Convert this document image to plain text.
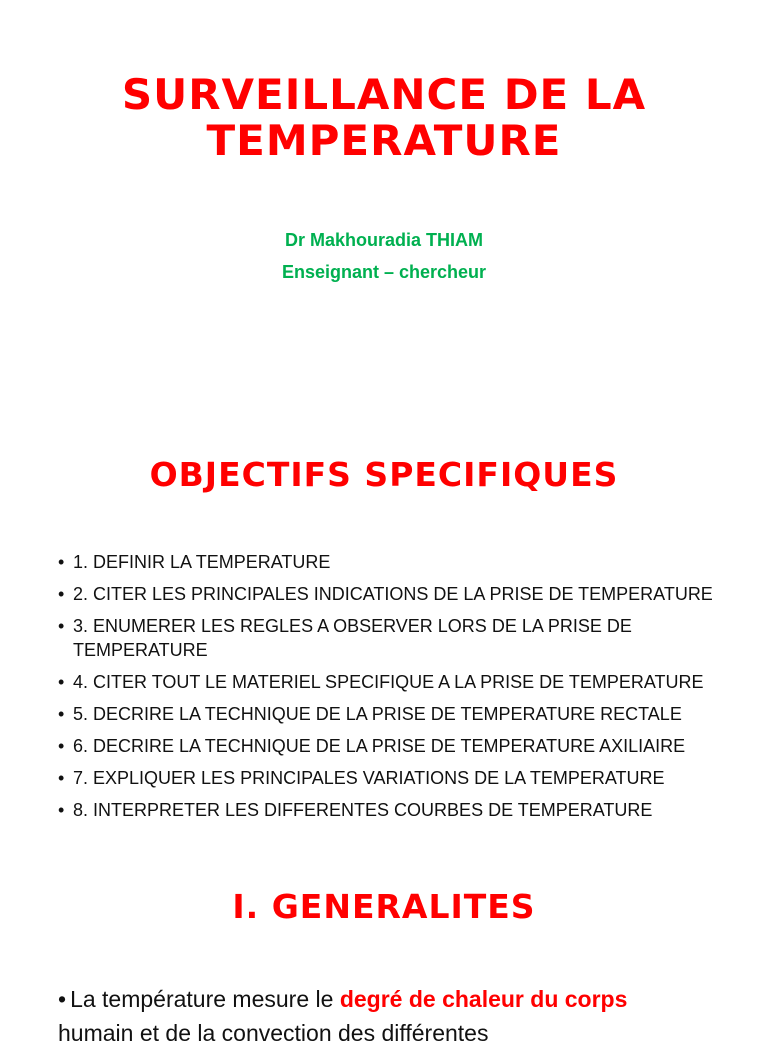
SURVEILLANCE DE LA
TEMPERATURE
Dr Makhouradia THIAM
Enseignant – chercheur
OBJECTIFS SPECIFIQUES
• 1. DEFINIR LA TEMPERATURE
• 2. CITER LES PRINCIPALES INDICATIONS DE LA PRISE DE TEMPERATURE
• 3. ENUMERER LES REGLES A OBSERVER LORS DE LA PRISE DE TEMPERATURE
• 4. CITER TOUT LE MATERIEL SPECIFIQUE A LA PRISE DE TEMPERATURE
• 5. DECRIRE LA TECHNIQUE DE LA PRISE DE TEMPERATURE RECTALE
• 6. DECRIRE LA TECHNIQUE DE LA PRISE DE TEMPERATURE AXILIAIRE
• 7. EXPLIQUER LES PRINCIPALES VARIATIONS DE LA TEMPERATURE
• 8. INTERPRETER LES DIFFERENTES COURBES DE TEMPERATURE
I. GENERALITES
• La température mesure le degré de chaleur du corps
humain et de la convection des différentes
